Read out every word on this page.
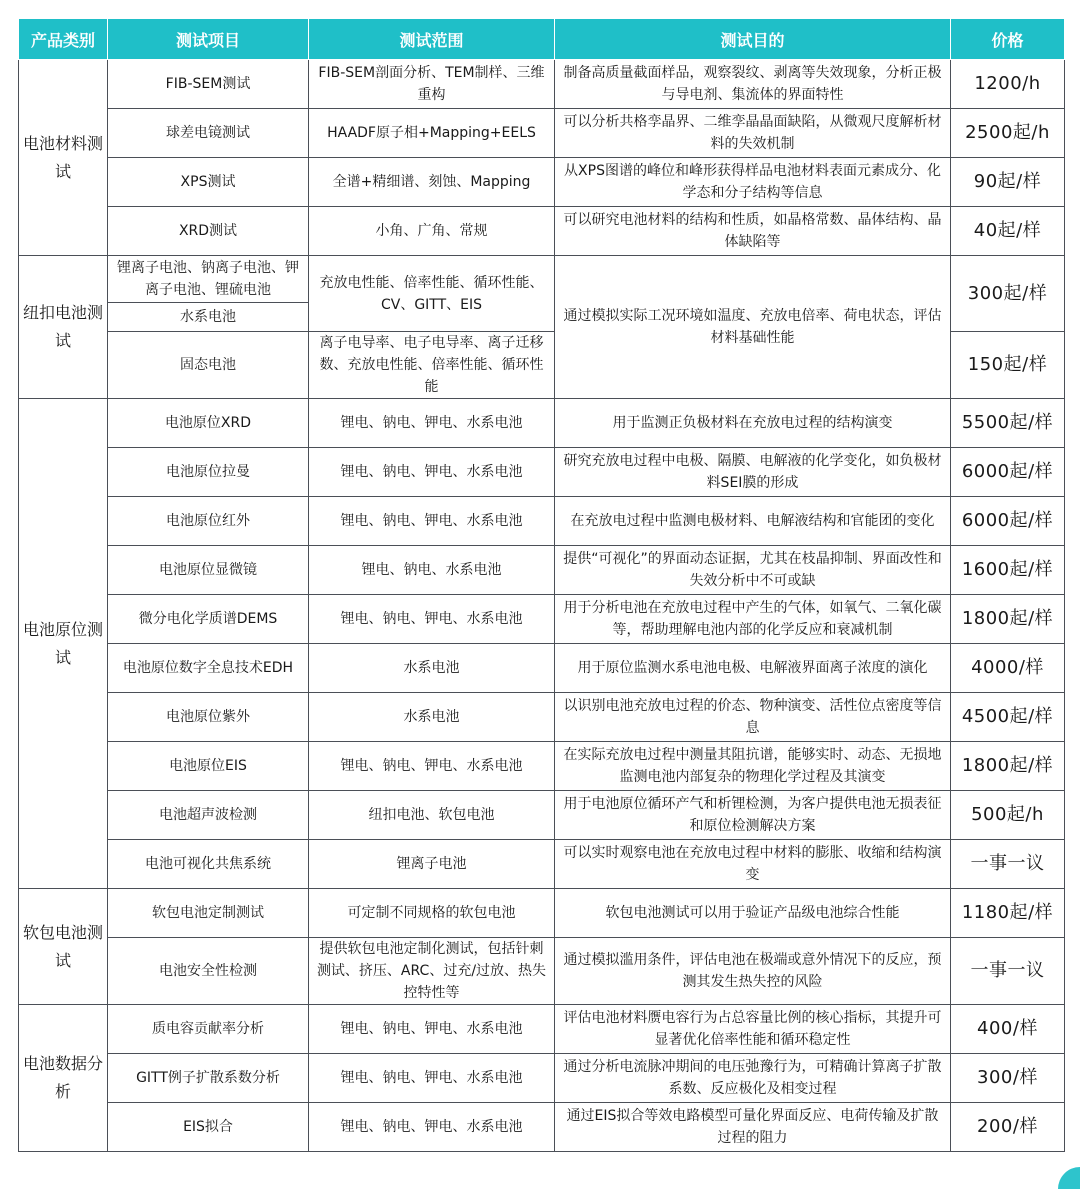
产品类别	测试项目	测试范围	测试目的	价格
电池材料测试	FIB-SEM测试	FIB-SEM剖面分析、TEM制样、三维重构	制备高质量截面样品，观察裂纹、剥离等失效现象，分析正极与导电剂、集流体的界面特性	1200/h
	球差电镜测试	HAADF原子相+Mapping+EELS	可以分析共格孪晶界、二维孪晶晶面缺陷，从微观尺度解析材料的失效机制	2500起/h
	XPS测试	全谱+精细谱、刻蚀、Mapping	从XPS图谱的峰位和峰形获得样品电池材料表面元素成分、化学态和分子结构等信息	90起/样
	XRD测试	小角、广角、常规	可以研究电池材料的结构和性质，如晶格常数、晶体结构、晶体缺陷等	40起/样
纽扣电池测试	锂离子电池、钠离子电池、钾离子电池、锂硫电池	充放电性能、倍率性能、循环性能、CV、GITT、EIS	通过模拟实际工况环境如温度、充放电倍率、荷电状态，评估材料基础性能	300起/样
	水系电池			
	固态电池	离子电导率、电子电导率、离子迁移数、充放电性能、倍率性能、循环性能		150起/样
电池原位测试	电池原位XRD	锂电、钠电、钾电、水系电池	用于监测正负极材料在充放电过程的结构演变	5500起/样
	电池原位拉曼	锂电、钠电、钾电、水系电池	研究充放电过程中电极、隔膜、电解液的化学变化，如负极材料SEI膜的形成	6000起/样
	电池原位红外	锂电、钠电、钾电、水系电池	在充放电过程中监测电极材料、电解液结构和官能团的变化	6000起/样
	电池原位显微镜	锂电、钠电、水系电池	提供“可视化”的界面动态证据，尤其在枝晶抑制、界面改性和失效分析中不可或缺	1600起/样
	微分电化学质谱DEMS	锂电、钠电、钾电、水系电池	用于分析电池在充放电过程中产生的气体，如氧气、二氧化碳等，帮助理解电池内部的化学反应和衰减机制	1800起/样
	电池原位数字全息技术EDH	水系电池	用于原位监测水系电池电极、电解液界面离子浓度的演化	4000/样
	电池原位紫外	水系电池	以识别电池充放电过程的价态、物种演变、活性位点密度等信息	4500起/样
	电池原位EIS	锂电、钠电、钾电、水系电池	在实际充放电过程中测量其阻抗谱，能够实时、动态、无损地监测电池内部复杂的物理化学过程及其演变	1800起/样
	电池超声波检测	纽扣电池、软包电池	用于电池原位循环产气和析锂检测，为客户提供电池无损表征和原位检测解决方案	500起/h
	电池可视化共焦系统	锂离子电池	可以实时观察电池在充放电过程中材料的膨胀、收缩和结构演变	一事一议
软包电池测试	软包电池定制测试	可定制不同规格的软包电池	软包电池测试可以用于验证产品级电池综合性能	1180起/样
	电池安全性检测	提供软包电池定制化测试，包括针刺测试、挤压、ARC、过充/过放、热失控特性等	通过模拟滥用条件，评估电池在极端或意外情况下的反应，预测其发生热失控的风险	一事一议
电池数据分析	质电容贡献率分析	锂电、钠电、钾电、水系电池	评估电池材料赝电容行为占总容量比例的核心指标，其提升可显著优化倍率性能和循环稳定性	400/样
	GITT例子扩散系数分析	锂电、钠电、钾电、水系电池	通过分析电流脉冲期间的电压弛豫行为，可精确计算离子扩散系数、反应极化及相变过程	300/样
	EIS拟合	锂电、钠电、钾电、水系电池	通过EIS拟合等效电路模型可量化界面反应、电荷传输及扩散过程的阻力	200/样
